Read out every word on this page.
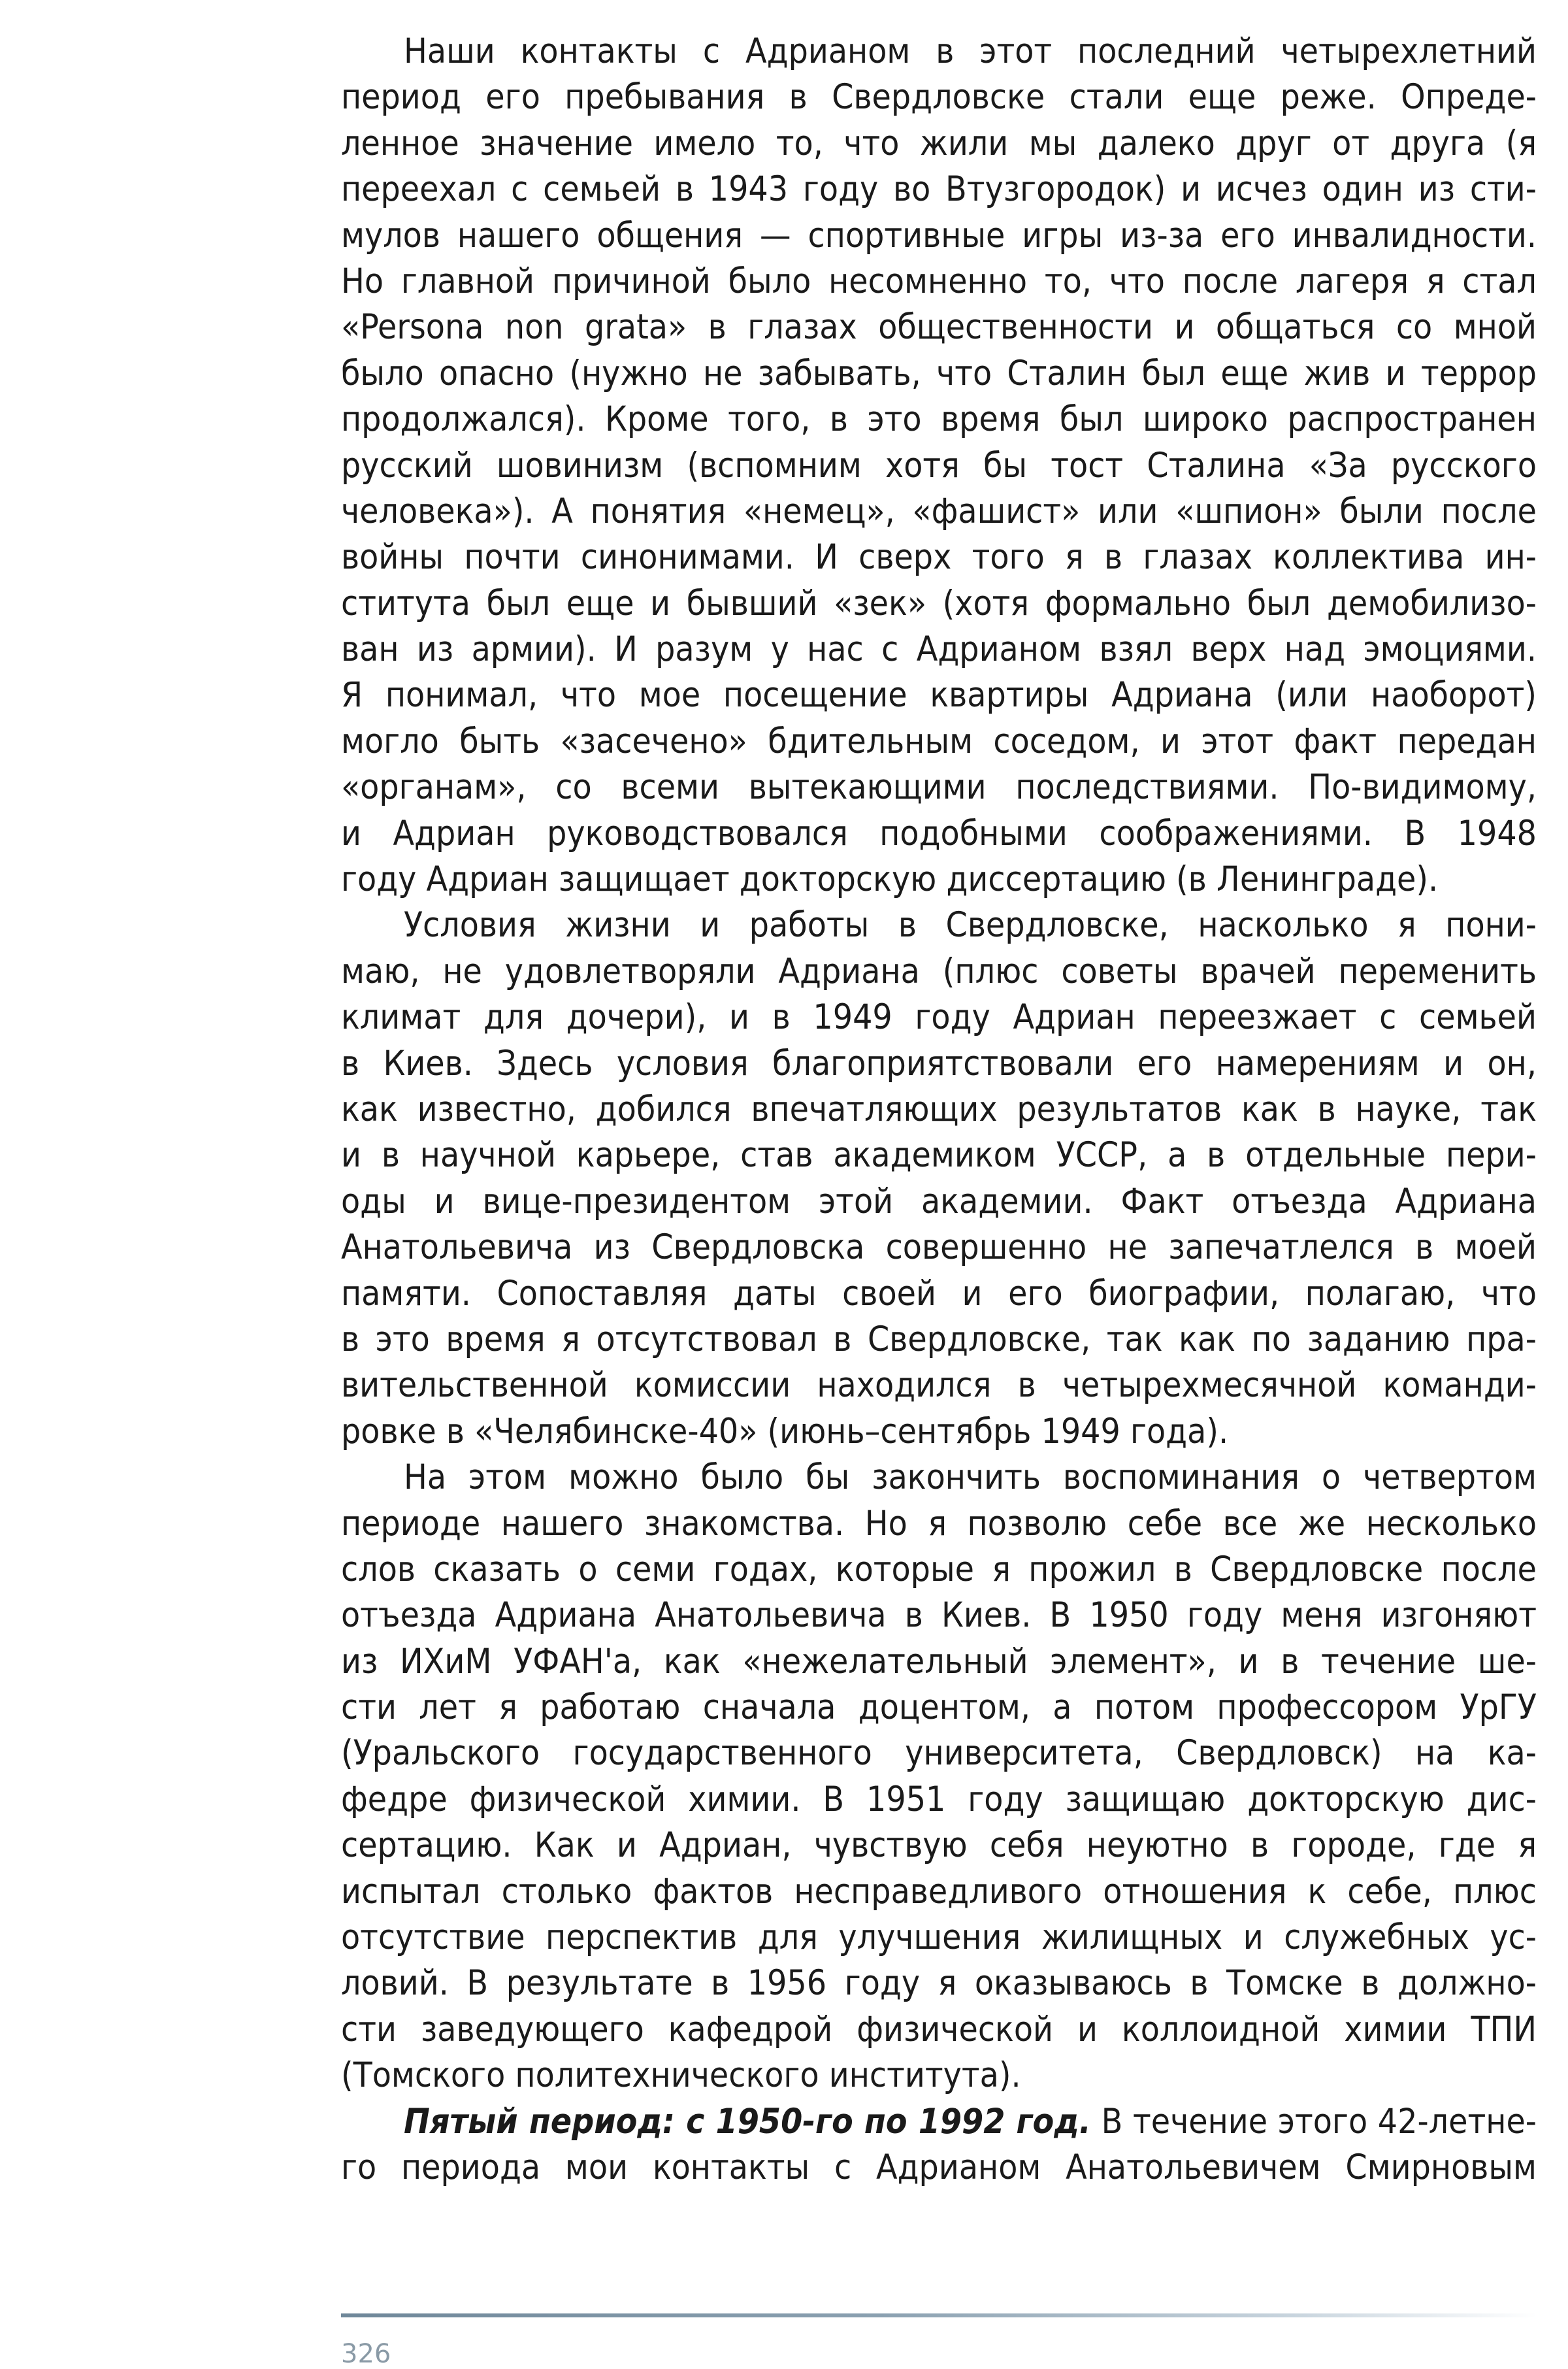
Наши контакты с Адрианом в этот последний четырехлетний
период его пребывания в Свердловске стали еще реже. Опреде-
ленное значение имело то, что жили мы далеко друг от друга (я
переехал с семьей в 1943 году во Втузгородок) и исчез один из сти-
мулов нашего общения — спортивные игры из-за его инвалидности.
Но главной причиной было несомненно то, что после лагеря я стал
«Persona non grata» в глазах общественности и общаться со мной
было опасно (нужно не забывать, что Сталин был еще жив и террор
продолжался). Кроме того, в это время был широко распространен
русский шовинизм (вспомним хотя бы тост Сталина «За русского
человека»). А понятия «немец», «фашист» или «шпион» были после
войны почти синонимами. И сверх того я в глазах коллектива ин-
ститута был еще и бывший «зек» (хотя формально был демобилизо-
ван из армии). И разум у нас с Адрианом взял верх над эмоциями.
Я понимал, что мое посещение квартиры Адриана (или наоборот)
могло быть «засечено» бдительным соседом, и этот факт передан
«органам», со всеми вытекающими последствиями. По-видимому,
и Адриан руководствовался подобными соображениями. В 1948
году Адриан защищает докторскую диссертацию (в Ленинграде).
Условия жизни и работы в Свердловске, насколько я пони-
маю, не удовлетворяли Адриана (плюс советы врачей переменить
климат для дочери), и в 1949 году Адриан переезжает с семьей
в Киев. Здесь условия благоприятствовали его намерениям и он,
как известно, добился впечатляющих результатов как в науке, так
и в научной карьере, став академиком УССР, а в отдельные пери-
оды и вице-президентом этой академии. Факт отъезда Адриана
Анатольевича из Свердловска совершенно не запечатлелся в моей
памяти. Сопоставляя даты своей и его биографии, полагаю, что
в это время я отсутствовал в Свердловске, так как по заданию пра-
вительственной комиссии находился в четырехмесячной команди-
ровке в «Челябинске-40» (июнь–сентябрь 1949 года).
На этом можно было бы закончить воспоминания о четвертом
периоде нашего знакомства. Но я позволю себе все же несколько
слов сказать о семи годах, которые я прожил в Свердловске после
отъезда Адриана Анатольевича в Киев. В 1950 году меня изгоняют
из ИХиМ УФАН'а, как «нежелательный элемент», и в течение ше-
сти лет я работаю сначала доцентом, а потом профессором УрГУ
(Уральского государственного университета, Свердловск) на ка-
федре физической химии. В 1951 году защищаю докторскую дис-
сертацию. Как и Адриан, чувствую себя неуютно в городе, где я
испытал столько фактов несправедливого отношения к себе, плюс
отсутствие перспектив для улучшения жилищных и служебных ус-
ловий. В результате в 1956 году я оказываюсь в Томске в должно-
сти заведующего кафедрой физической и коллоидной химии ТПИ
(Томского политехнического института).
Пятый период: с 1950-го по 1992 год. В течение этого 42-летне-
го периода мои контакты с Адрианом Анатольевичем Смирновым
326
